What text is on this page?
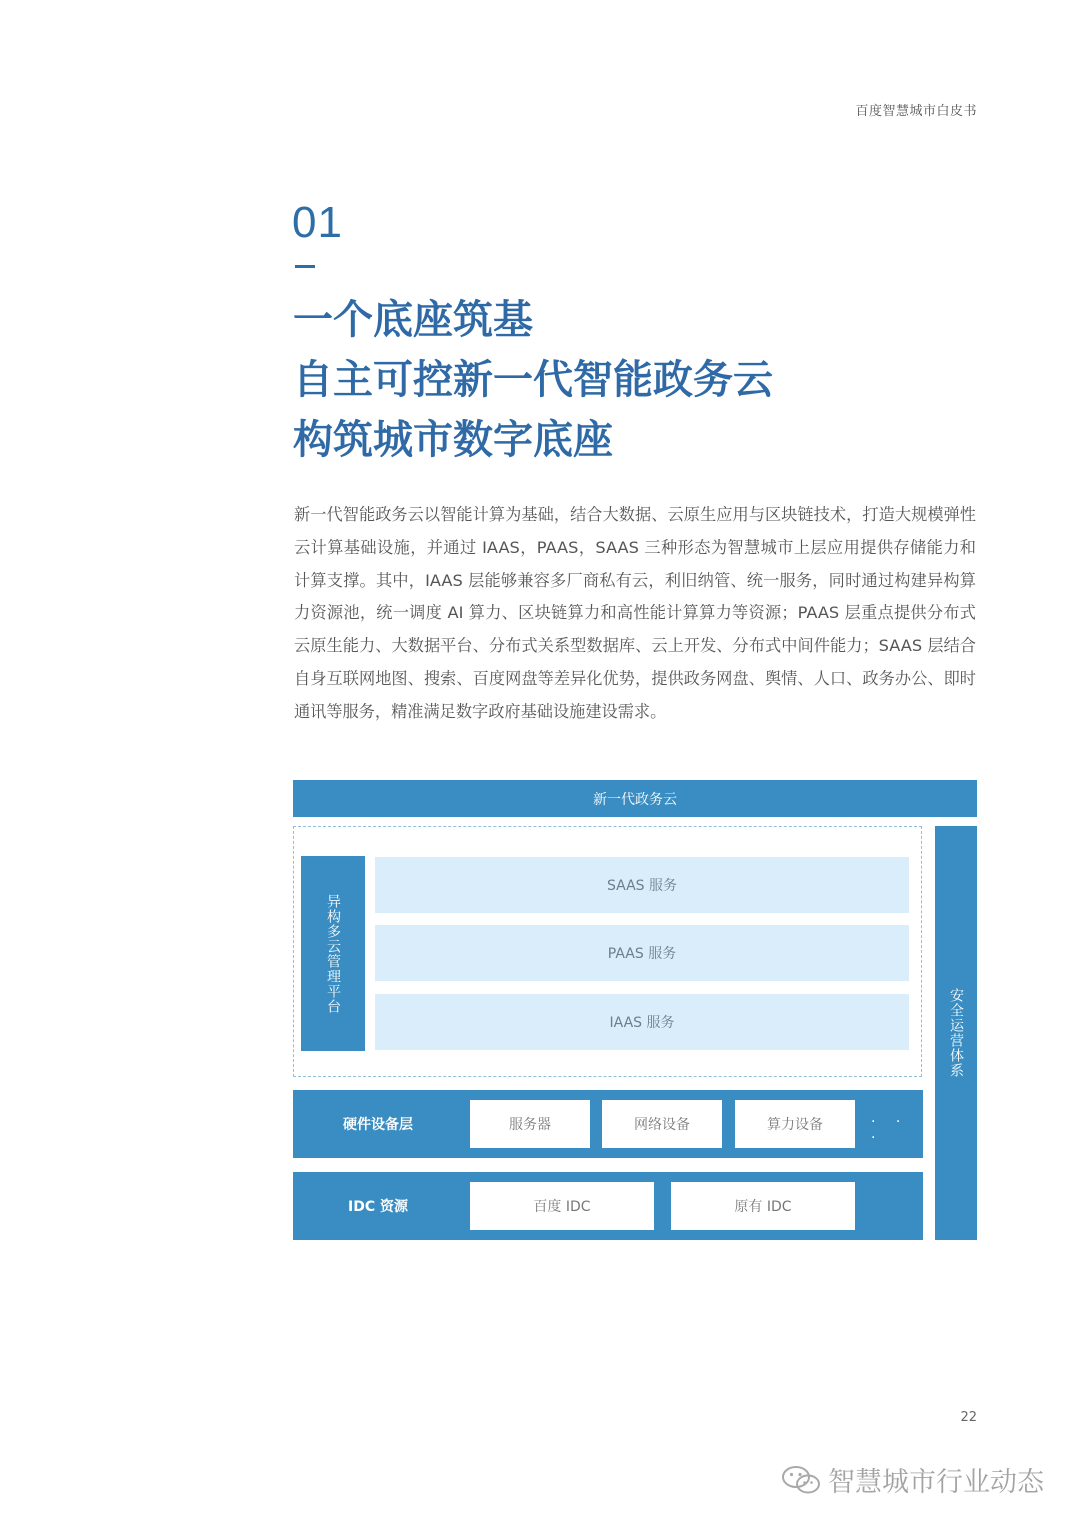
百度智慧城市白皮书
01
一个底座筑基
自主可控新一代智能政务云
构筑城市数字底座
新一代智能政务云以智能计算为基础，结合大数据、云原生应用与区块链技术，打造大规模弹性云计算基础设施，并通过 IAAS，PAAS，SAAS 三种形态为智慧城市上层应用提供存储能力和计算支撑。其中，IAAS 层能够兼容多厂商私有云，利旧纳管、统一服务，同时通过构建异构算力资源池，统一调度 AI 算力、区块链算力和高性能计算算力等资源；PAAS 层重点提供分布式云原生能力、大数据平台、分布式关系型数据库、云上开发、分布式中间件能力；SAAS 层结合自身互联网地图、搜索、百度网盘等差异化优势，提供政务网盘、舆情、人口、政务办公、即时通讯等服务，精准满足数字政府基础设施建设需求。
新一代政务云
异构多云管理平台
SAAS 服务
PAAS 服务
IAAS 服务	安全运营体系
硬件设备层	服务器	网络设备	算力设备	· · ·
IDC 资源	百度 IDC	原有 IDC
22
智慧城市行业动态
